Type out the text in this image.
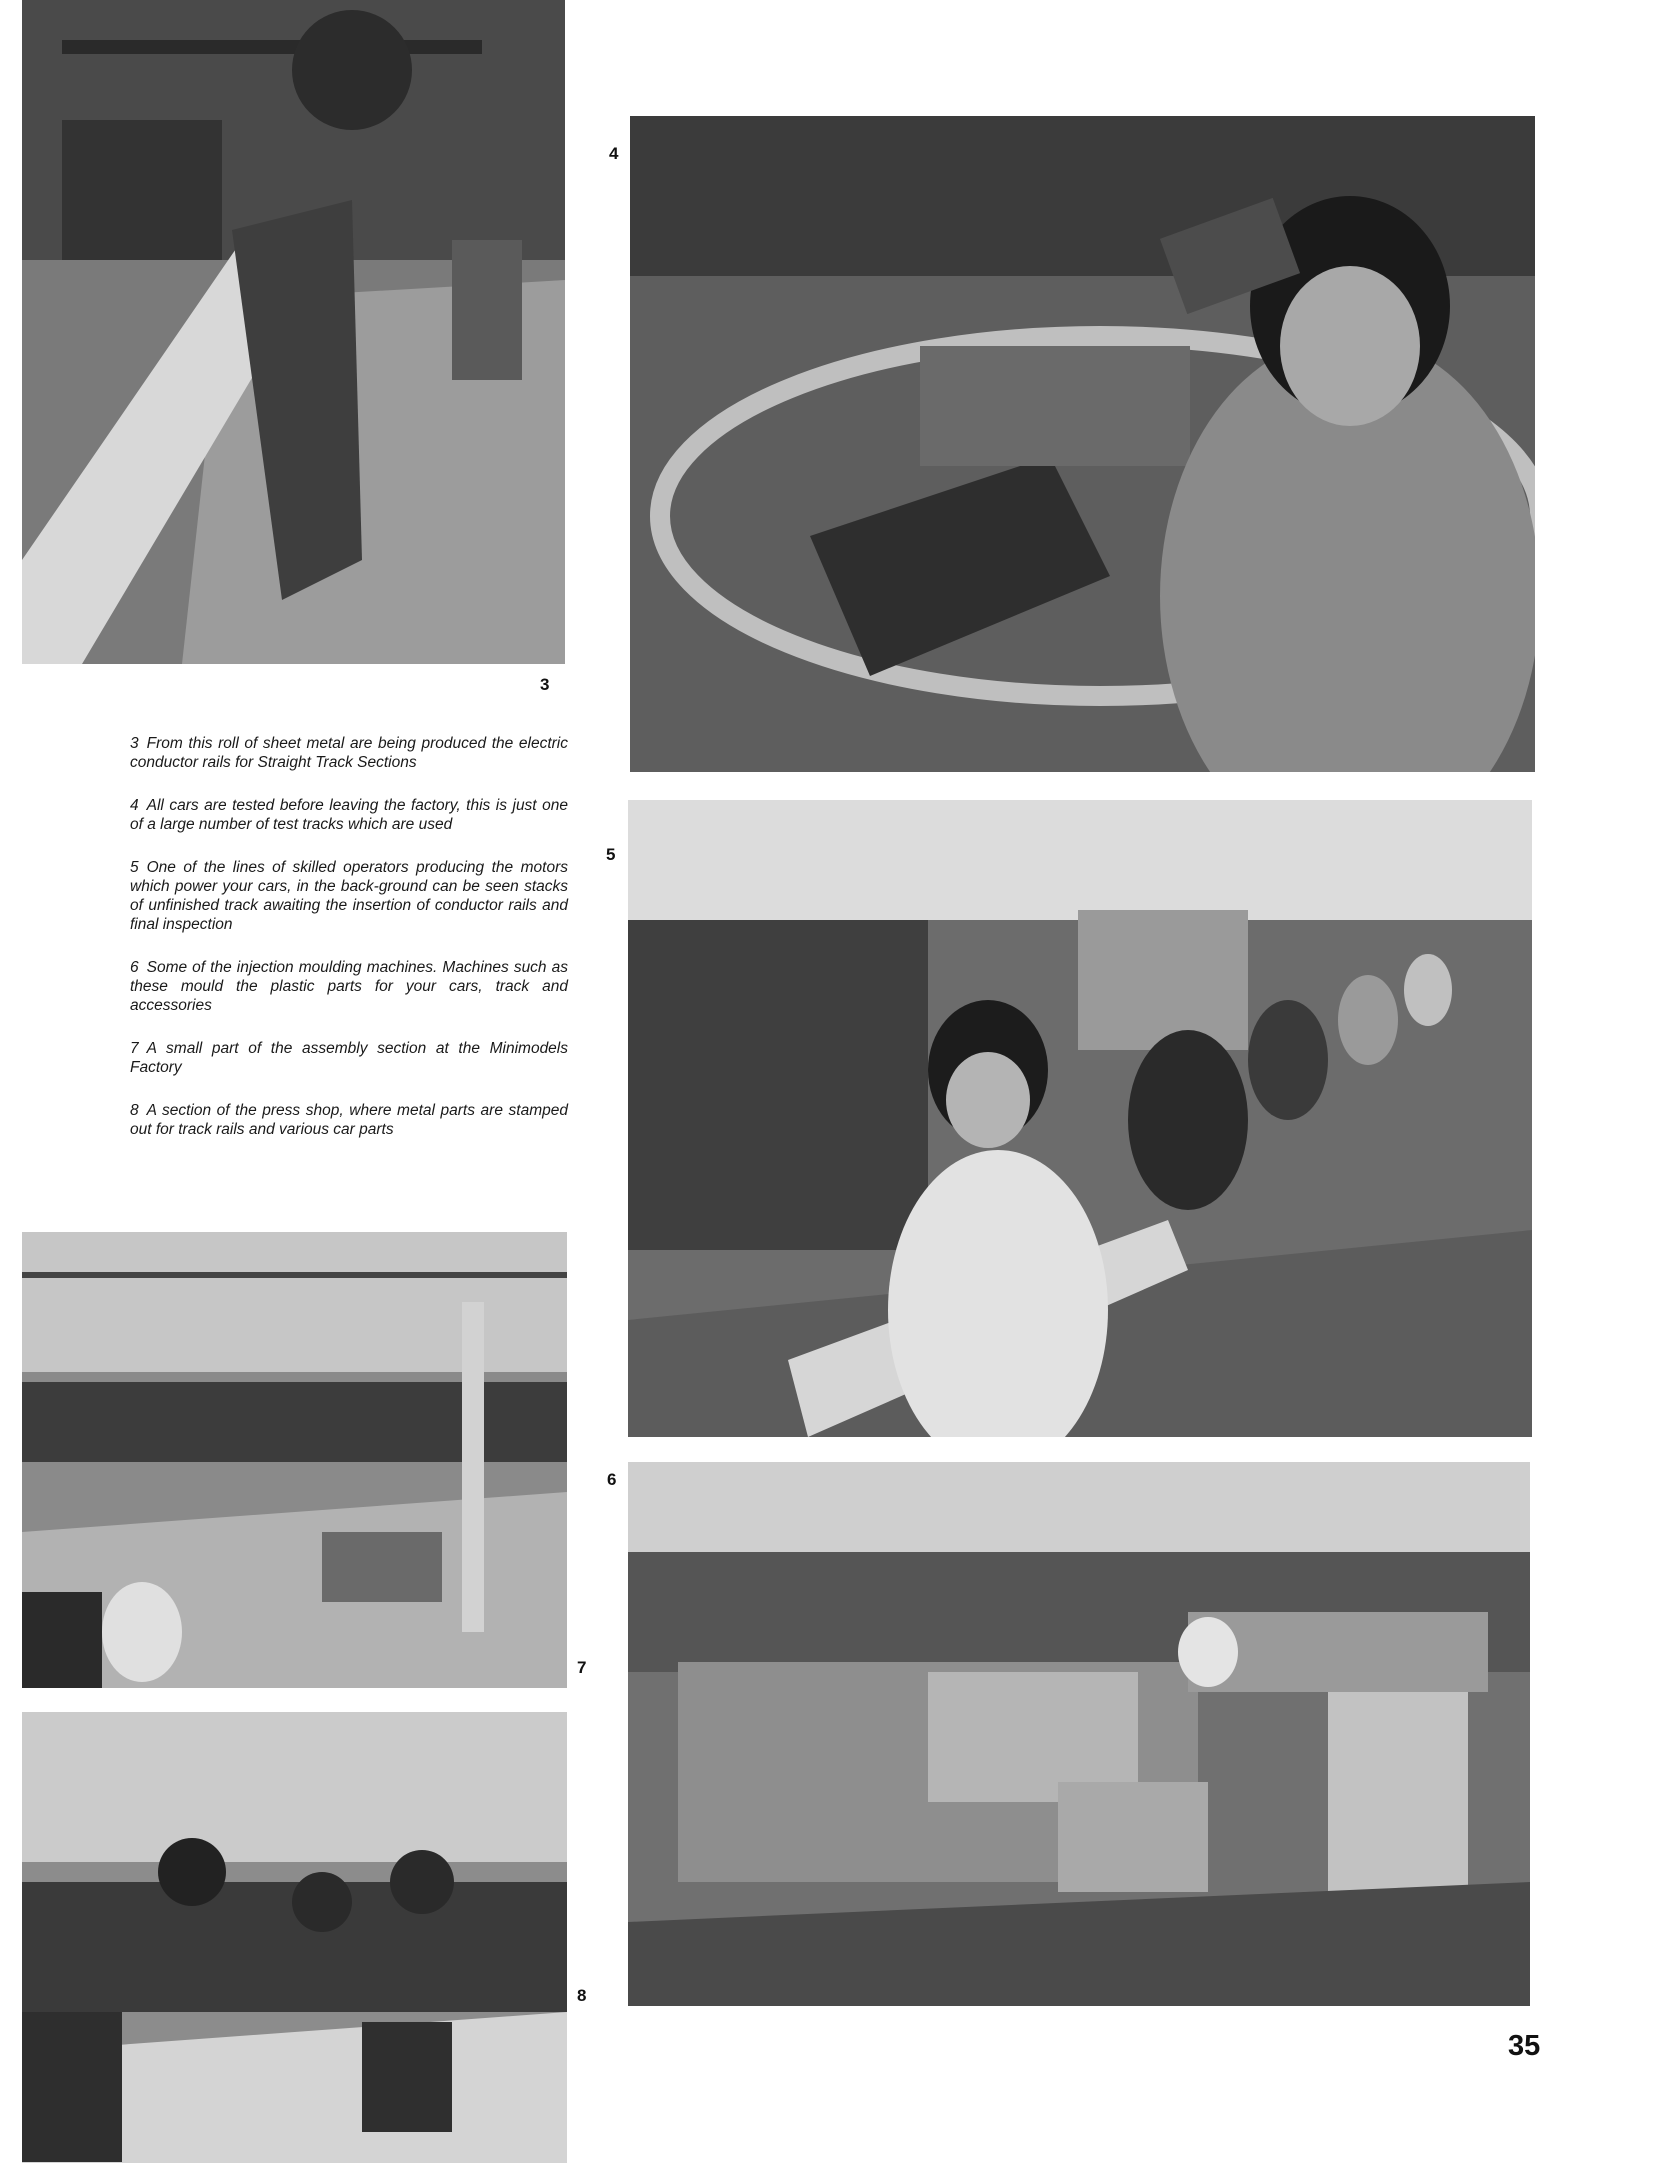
3
4

3 From this roll of sheet metal are being produced the electric conductor rails for Straight Track Sections

4 All cars are tested before leaving the factory, this is just one of a large number of test tracks which are used

5 One of the lines of skilled operators producing the motors which power your cars, in the back-ground can be seen stacks of unfinished track awaiting the insertion of conductor rails and final inspection

6 Some of the injection moulding machines. Machines such as these mould the plastic parts for your cars, track and accessories

7 A small part of the assembly section at the Minimodels Factory

8 A section of the press shop, where metal parts are stamped out for track rails and various car parts

5
6
7
8
35
